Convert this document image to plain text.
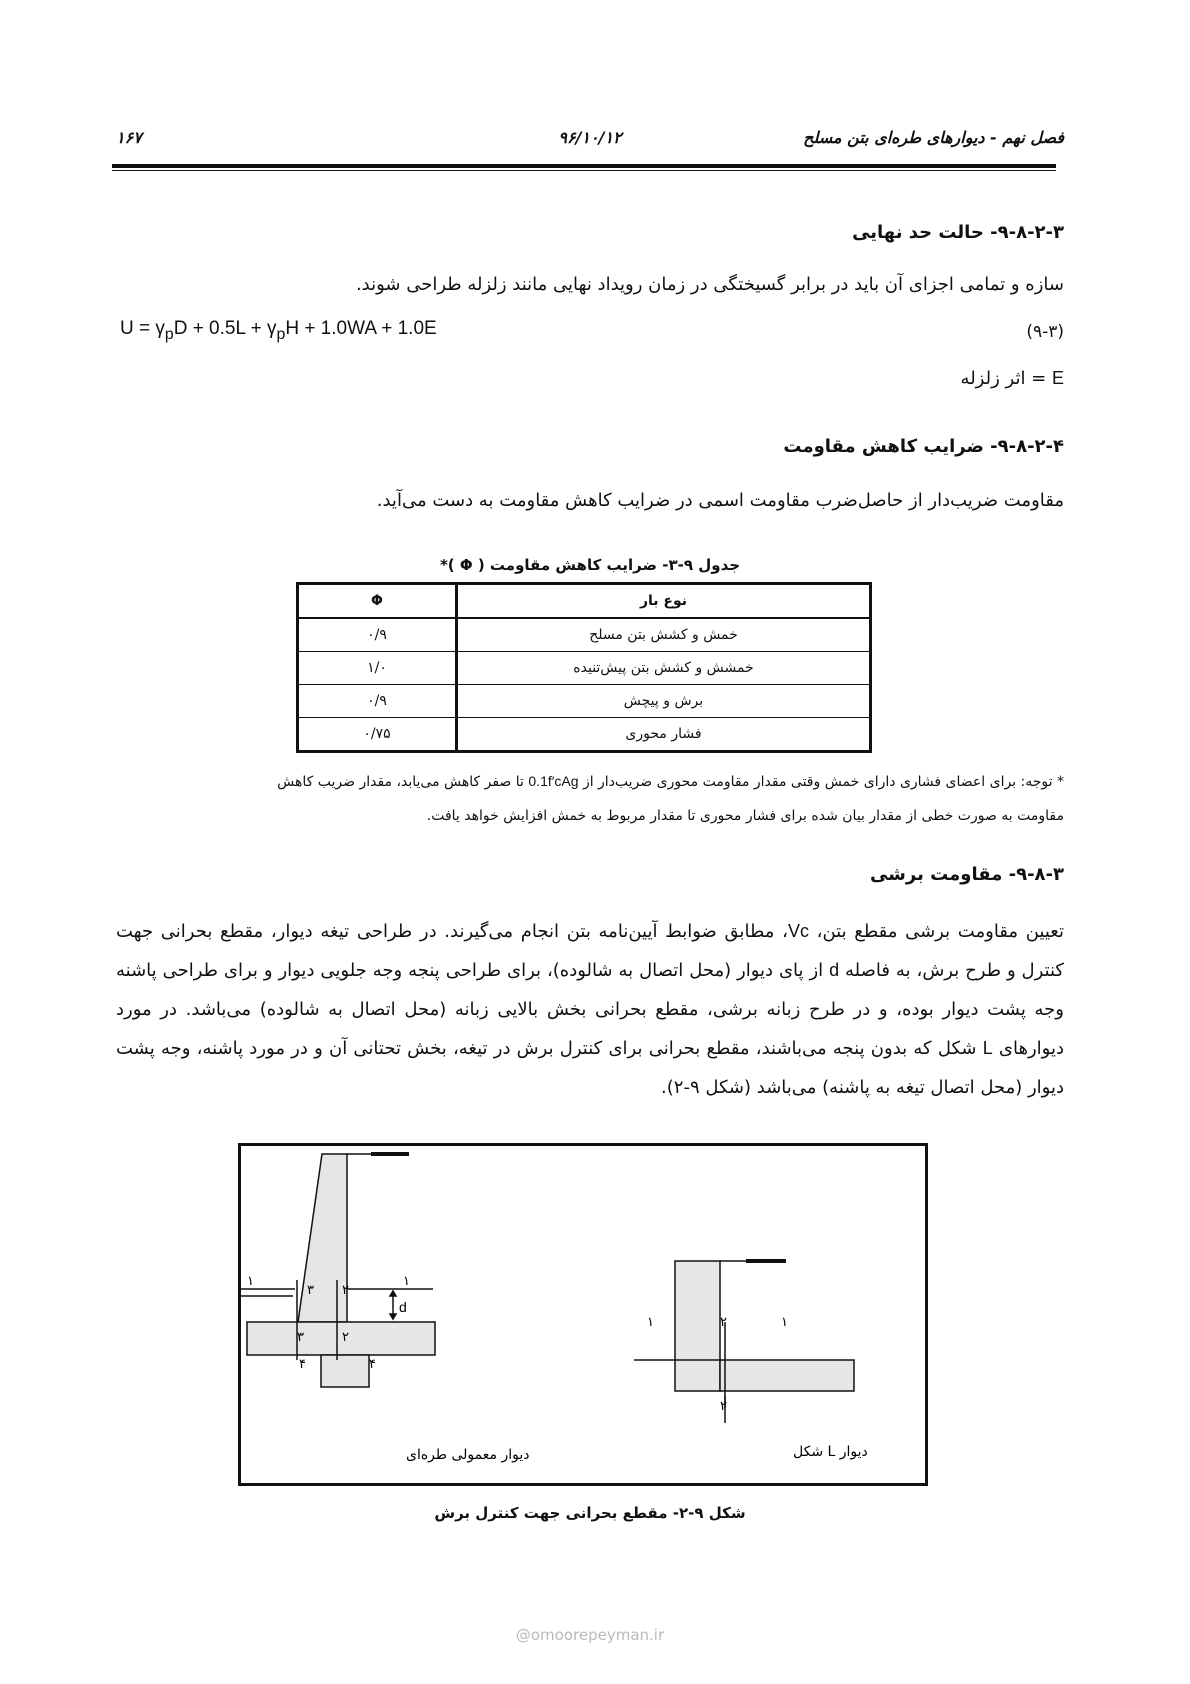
۱۶۷	۹۶/۱۰/۱۲	فصل نهم - دیوارهای طره‌ای بتن مسلح
۹-۸-۲-۳- حالت حد نهایی
سازه و تمامی اجزای آن باید در برابر گسیختگی در زمان رویداد نهایی مانند زلزله طراحی شوند.
$U = \gamma_pD + 0.5L + \gamma_pH + 1.0WA + 1.0E$	(۹-۳)
E = اثر زلزله
۹-۸-۲-۴- ضرایب کاهش مقاومت
مقاومت ضریب‌دار از حاصل‌ضرب مقاومت اسمی در ضرایب کاهش مقاومت به دست می‌آید.
جدول ۹-۳- ضرایب کاهش مقاومت ( Φ )*
Φ	نوع بار
۰/۹	خمش و کشش بتن مسلح
۱/۰	خمشش و کشش بتن پیش‌تنیده
۰/۹	برش و پیچش
۰/۷۵	فشار محوری
* توجه: برای اعضای فشاری دارای خمش وقتی مقدار مقاومت محوری ضریب‌دار از 0.1f′cAg تا صفر کاهش می‌یابد، مقدار ضریب کاهش
مقاومت به صورت خطی از مقدار بیان شده برای فشار محوری تا مقدار مربوط به خمش افزایش خواهد یافت.
۹-۸-۳- مقاومت برشی
تعیین مقاومت برشی مقطع بتن، Vc، مطابق ضوابط آیین‌نامه بتن انجام می‌گیرند. در طراحی تیغه دیوار، مقطع بحرانی جهت کنترل و طرح برش، به فاصله d از پای دیوار (محل اتصال به شالوده)، برای طراحی پنجه وجه جلویی دیوار و برای طراحی پاشنه وجه پشت دیوار بوده، و در طرح زبانه برشی، مقطع بحرانی بخش بالایی زبانه (محل اتصال به شالوده) می‌باشد. در مورد دیوارهای L شکل که بدون پنجه می‌باشند، مقطع بحرانی برای کنترل برش در تیغه، بخش تحتانی آن و در مورد پاشنه، وجه پشت دیوار (محل اتصال تیغه به پاشنه) می‌باشد (شکل ۹-۲).
۱
۳ ۲
۱
d
۳	۲
۴	۴
۱	۲	۱
۲
دیوار معمولی طره‌ای	دیوار L شکل
شکل ۹-۲- مقطع بحرانی جهت کنترل برش
@omoorepeyman.ir
